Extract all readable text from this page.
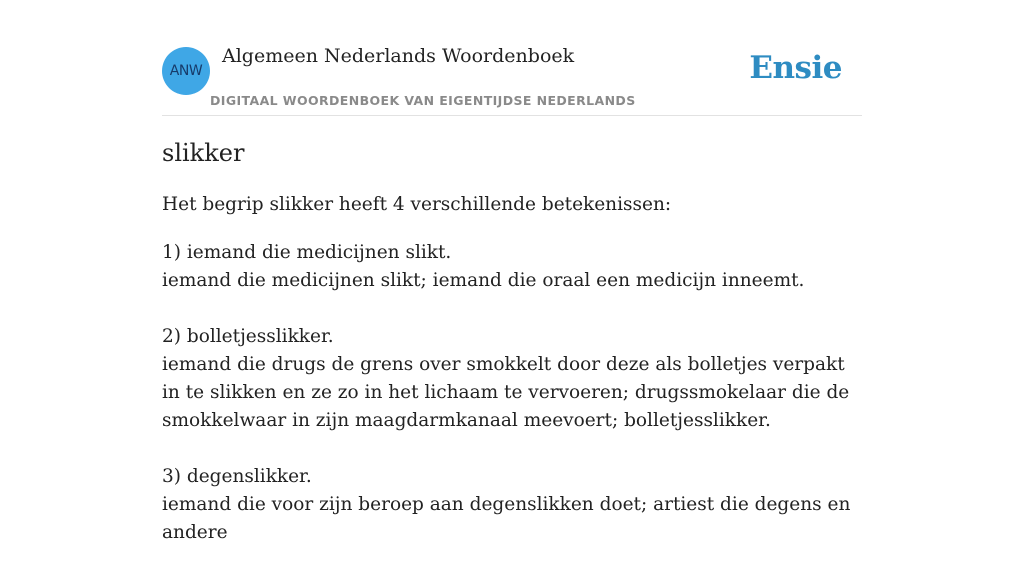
ANW
Algemeen Nederlands Woordenboek
DIGITAAL WOORDENBOEK VAN EIGENTIJDSE NEDERLANDS
Ensie
slikker

Het begrip slikker heeft 4 verschillende betekenissen:

1) iemand die medicijnen slikt.
iemand die medicijnen slikt; iemand die oraal een medicijn inneemt.
2) bolletjesslikker.
iemand die drugs de grens over smokkelt door deze als bolletjes verpakt in te slikken en ze zo in het lichaam te vervoeren; drugssmokelaar die de smokkelwaar in zijn maagdarmkanaal meevoert; bolletjesslikker.
3) degenslikker.
iemand die voor zijn beroep aan degenslikken doet; artiest die degens en andere
